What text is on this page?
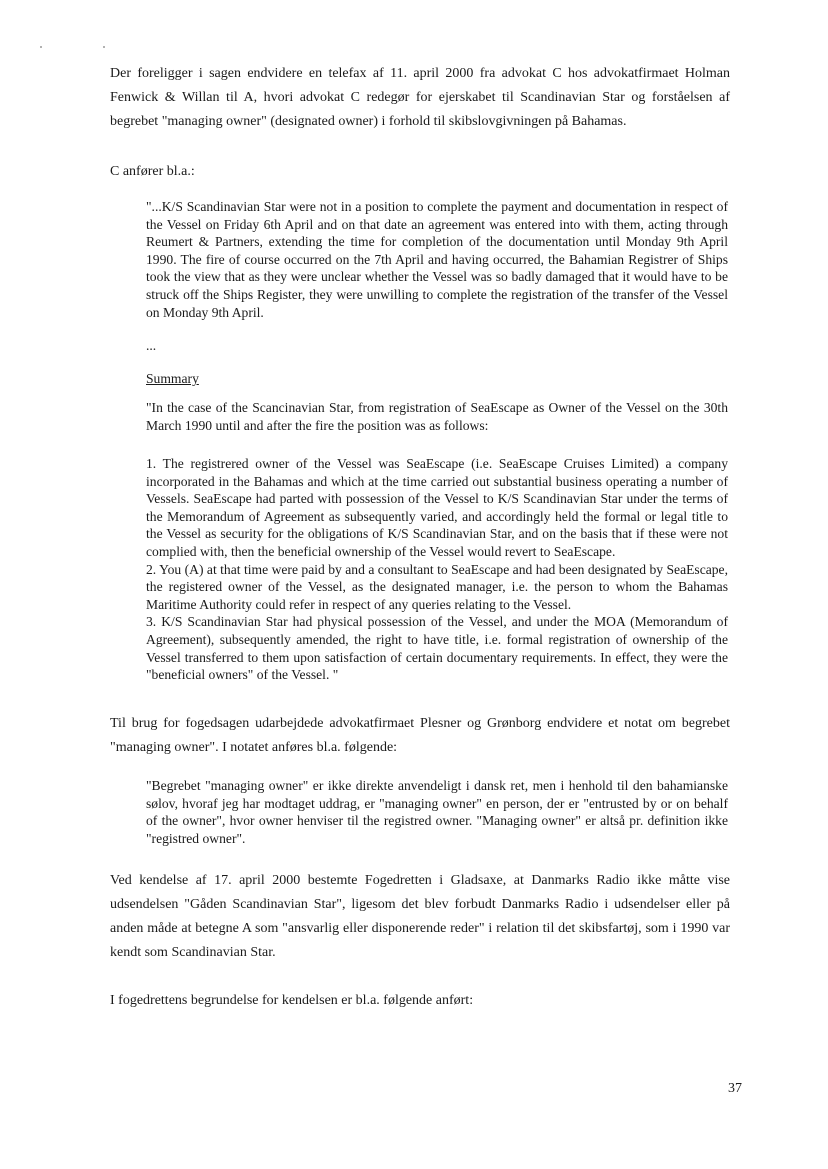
Der foreligger i sagen endvidere en telefax af 11. april 2000 fra advokat C hos advokatfirmaet Holman Fenwick & Willan til A, hvori advokat C redegør for ejerskabet til Scandinavian Star og forståelsen af begrebet "managing owner" (designated owner) i forhold til skibslovgivningen på Bahamas.

C anfører bl.a.:

"...K/S Scandinavian Star were not in a position to complete the payment and documentation in respect of the Vessel on Friday 6th April and on that date an agreement was entered into with them, acting through Reumert & Partners, extending the time for completion of the documentation until Monday 9th April 1990. The fire of course occurred on the 7th April and having occurred, the Bahamian Registrer of Ships took the view that as they were unclear whether the Vessel was so badly damaged that it would have to be struck off the Ships Register, they were unwilling to complete the registration of the transfer of the Vessel on Monday 9th April.

...

Summary

"In the case of the Scancinavian Star, from registration of SeaEscape as Owner of the Vessel on the 30th March 1990 until and after the fire the position was as follows:

1. The registrered owner of the Vessel was SeaEscape (i.e. SeaEscape Cruises Limited) a company incorporated in the Bahamas and which at the time carried out substantial business operating a number of Vessels. SeaEscape had parted with possession of the Vessel to K/S Scandinavian Star under the terms of the Memorandum of Agreement as subsequently varied, and accordingly held the formal or legal title to the Vessel as security for the obligations of K/S Scandinavian Star, and on the basis that if these were not complied with, then the beneficial ownership of the Vessel would revert to SeaEscape.

2. You (A) at that time were paid by and a consultant to SeaEscape and had been designated by SeaEscape, the registered owner of the Vessel, as the designated manager, i.e. the person to whom the Bahamas Maritime Authority could refer in respect of any queries relating to the Vessel.

3. K/S Scandinavian Star had physical possession of the Vessel, and under the MOA (Memorandum of Agreement), subsequently amended, the right to have title, i.e. formal registration of ownership of the Vessel transferred to them upon satisfaction of certain documentary requirements. In effect, they were the "beneficial owners" of the Vessel. "

Til brug for fogedsagen udarbejdede advokatfirmaet Plesner og Grønborg endvidere et notat om begrebet "managing owner". I notatet anføres bl.a. følgende:

"Begrebet "managing owner" er ikke direkte anvendeligt i dansk ret, men i henhold til den bahamianske sølov, hvoraf jeg har modtaget uddrag, er "managing owner" en person, der er "entrusted by or on behalf of the owner", hvor owner henviser til the registred owner. "Managing owner" er altså pr. definition ikke "registred owner".

Ved kendelse af 17. april 2000 bestemte Fogedretten i Gladsaxe, at Danmarks Radio ikke måtte vise udsendelsen "Gåden Scandinavian Star", ligesom det blev forbudt Danmarks Radio i udsendelser eller på anden måde at betegne A som "ansvarlig eller disponerende reder" i relation til det skibsfartøj, som i 1990 var kendt som Scandinavian Star.

I fogedrettens begrundelse for kendelsen er bl.a. følgende anført:

37
